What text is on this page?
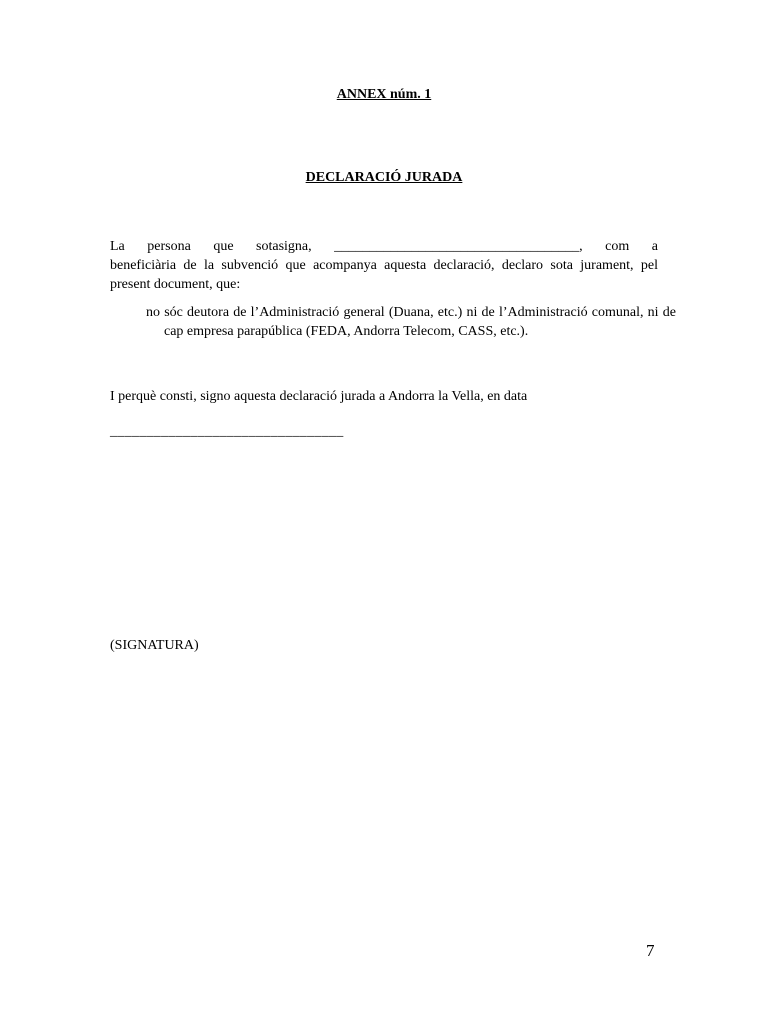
ANNEX núm. 1
DECLARACIÓ JURADA
La persona que sotasigna, ___________________________________, com a
beneficiària de la subvenció que acompanya aquesta declaració, declaro sota jurament, pel present document, que:
no sóc deutora de l’Administració general (Duana, etc.) ni de l’Administració comunal, ni de cap empresa parapública (FEDA, Andorra Telecom, CASS, etc.).
I perquè consti, signo aquesta declaració jurada a Andorra la Vella, en data
________________________________
(SIGNATURA)
7
